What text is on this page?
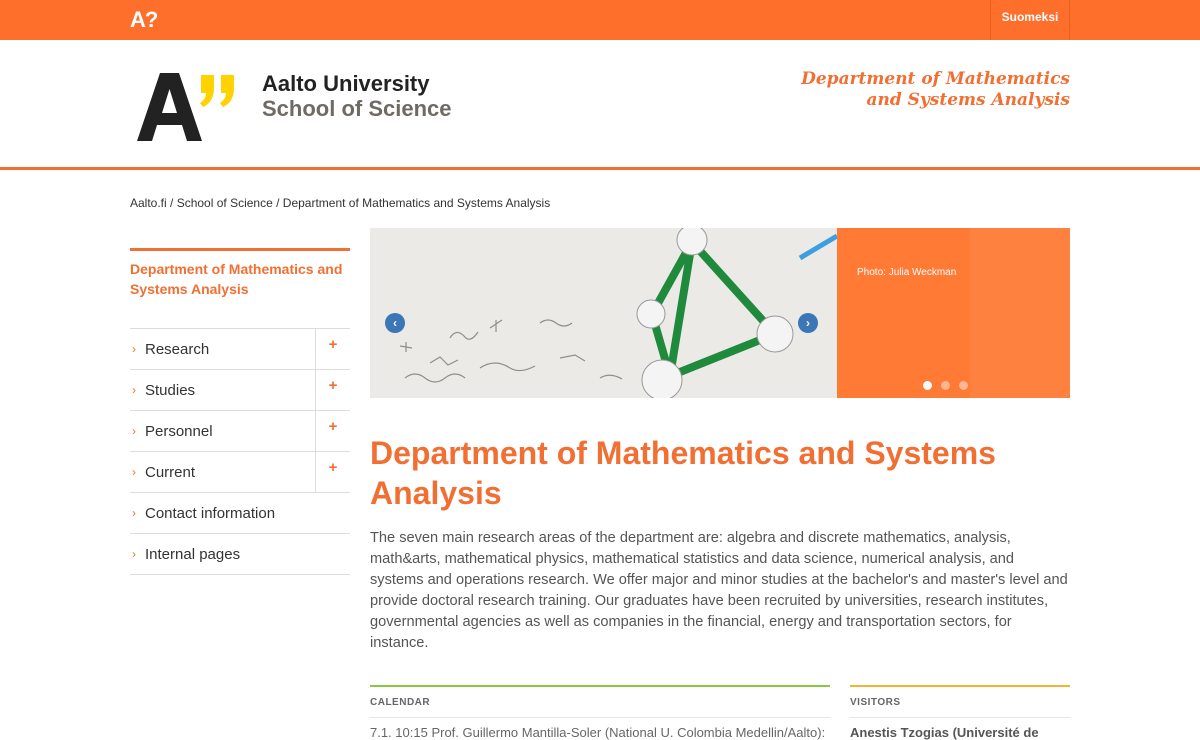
A?	Suomeksi
Aalto University
School of Science
Department of Mathematics
and Systems Analysis
Aalto.fi / School of Science / Department of Mathematics and Systems Analysis
Department of Mathematics and Systems Analysis
› Research	+
› Studies	+
› Personnel	+
› Current	+
› Contact information
› Internal pages
Photo: Julia Weckman
‹	›
Department of Mathematics and Systems Analysis

The seven main research areas of the department are: algebra and discrete mathematics, analysis, math&arts, mathematical physics, mathematical statistics and data science, numerical analysis, and systems and operations research. We offer major and minor studies at the bachelor's and master's level and provide doctoral research training. Our graduates have been recruited by universities, research institutes, governmental agencies as well as companies in the financial, energy and transportation sectors, for instance.

CALENDAR
7.1. 10:15 Prof. Guillermo Mantilla-Soler (National U. Colombia Medellin/Aalto):
VISITORS
Anestis Tzogias (Université de
